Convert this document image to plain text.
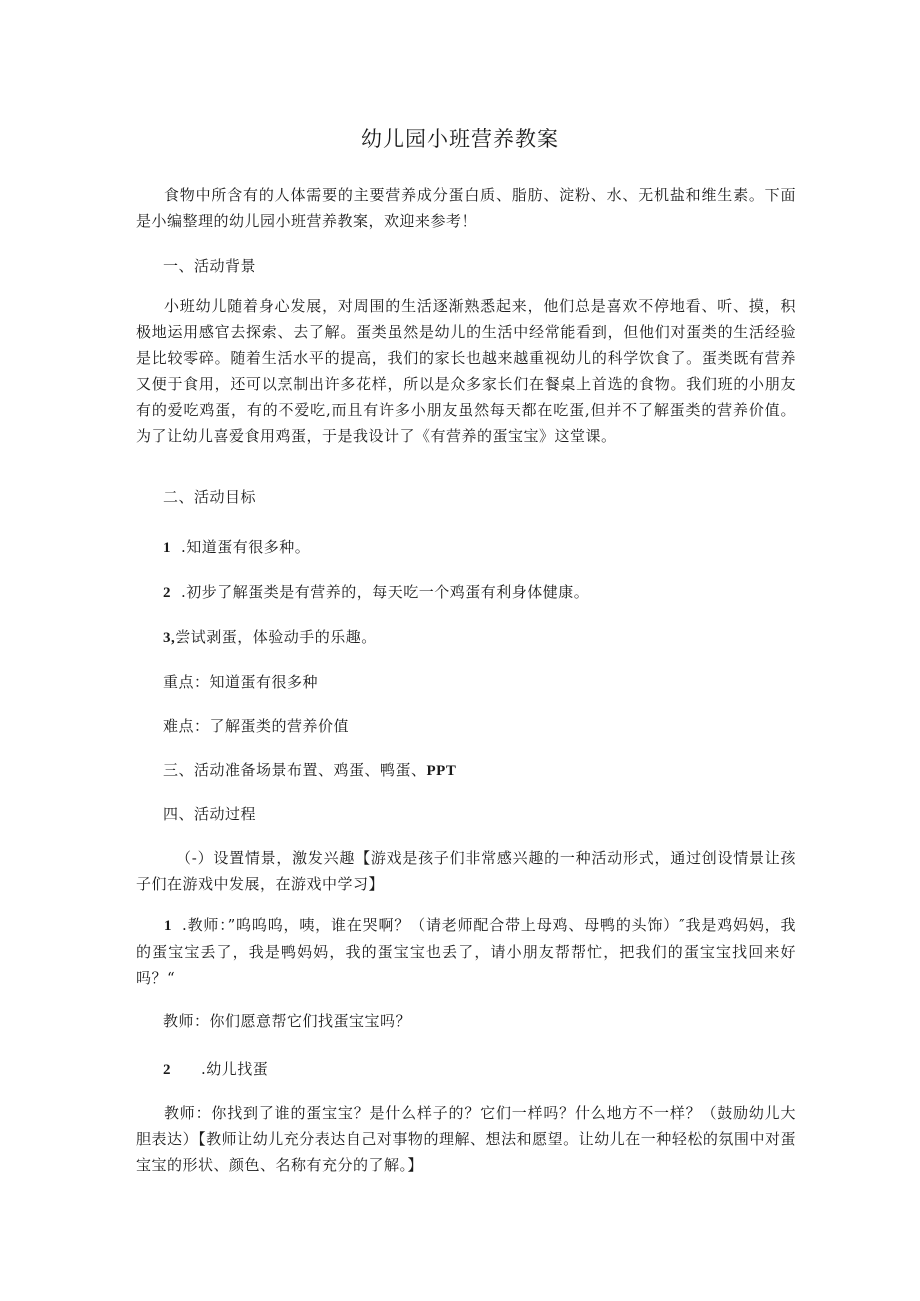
幼儿园小班营养教案

食物中所含有的人体需要的主要营养成分蛋白质、脂肪、淀粉、水、无机盐和维生素。下面是小编整理的幼儿园小班营养教案，欢迎来参考！

一、活动背景

小班幼儿随着身心发展，对周围的生活逐渐熟悉起来，他们总是喜欢不停地看、听、摸，积极地运用感官去探索、去了解。蛋类虽然是幼儿的生活中经常能看到，但他们对蛋类的生活经验是比较零碎。随着生活水平的提高，我们的家长也越来越重视幼儿的科学饮食了。蛋类既有营养又便于食用，还可以烹制出许多花样，所以是众多家长们在餐桌上首选的食物。我们班的小朋友有的爱吃鸡蛋，有的不爱吃,而且有许多小朋友虽然每天都在吃蛋,但并不了解蛋类的营养价值。为了让幼儿喜爱食用鸡蛋，于是我设计了《有营养的蛋宝宝》这堂课。

二、活动目标

1 .知道蛋有很多种。

2 .初步了解蛋类是有营养的，每天吃一个鸡蛋有利身体健康。

3,尝试剥蛋，体验动手的乐趣。

重点：知道蛋有很多种

难点：了解蛋类的营养价值

三、活动准备场景布置、鸡蛋、鸭蛋、PPT

四、活动过程

（-）设置情景，激发兴趣【游戏是孩子们非常感兴趣的一种活动形式，通过创设情景让孩子们在游戏中发展，在游戏中学习】

1 .教师：”呜呜呜，咦，谁在哭啊？（请老师配合带上母鸡、母鸭的头饰）″我是鸡妈妈，我的蛋宝宝丢了，我是鸭妈妈，我的蛋宝宝也丢了，请小朋友帮帮忙，把我们的蛋宝宝找回来好吗？“

教师：你们愿意帮它们找蛋宝宝吗？

2 .幼儿找蛋

教师：你找到了谁的蛋宝宝？是什么样子的？它们一样吗？什么地方不一样？（鼓励幼儿大胆表达）【教师让幼儿充分表达自己对事物的理解、想法和愿望。让幼儿在一种轻松的氛围中对蛋宝宝的形状、颜色、名称有充分的了解。】
